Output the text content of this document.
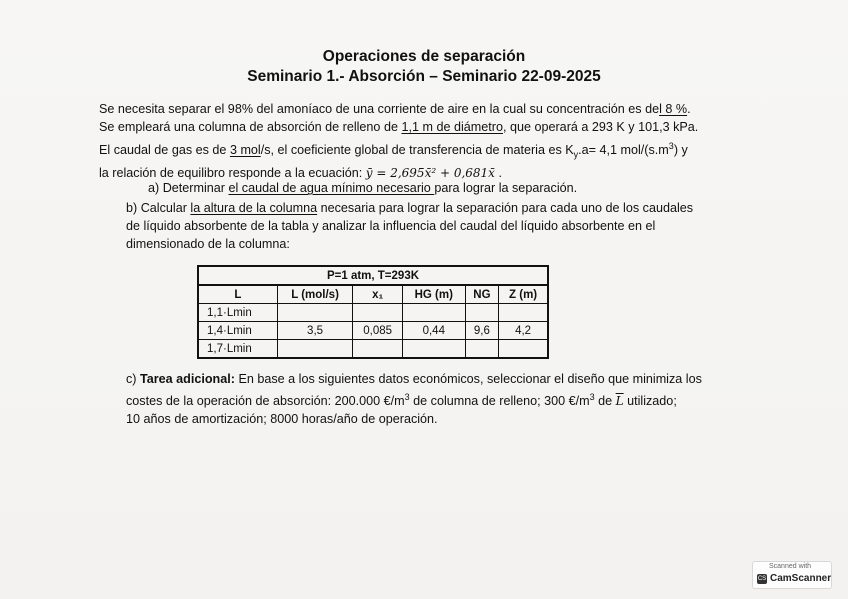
Operaciones de separación
Seminario 1.- Absorción – Seminario 22-09-2025
Se necesita separar el 98% del amoníaco de una corriente de aire en la cual su concentración es del 8 %.
Se empleará una columna de absorción de relleno de 1,1 m de diámetro, que operará a 293 K y 101,3 kPa.
El caudal de gas es de 3 mol/s, el coeficiente global de transferencia de materia es $K_y.a= 4,1$ mol/$(s.m^3)$ y
la relación de equilibro responde a la ecuación: ȳ = 2,695x̄² + 0,681x̄ .
a) Determinar el caudal de agua mínimo necesario para lograr la separación.
b) Calcular la altura de la columna necesaria para lograr la separación para cada uno de los caudales
de líquido absorbente de la tabla y analizar la influencia del caudal del líquido absorbente en el
dimensionado de la columna:
P=1 atm, T=293K					
L	L (mol/s)	x₁	HG (m)	NG	Z (m)
1,1·Lmin					
1,4·Lmin	3,5	0,085	0,44	9,6	4,2
1,7·Lmin					
c) Tarea adicional: En base a los siguientes datos económicos, seleccionar el diseño que minimiza los
costes de la operación de absorción: 200.000 $€/m^3$ de columna de relleno; 300 $€/m^3$ de $\overline{L}$ utilizado;
10 años de amortización; 8000 horas/año de operación.
Scanned with
CS CamScanner
